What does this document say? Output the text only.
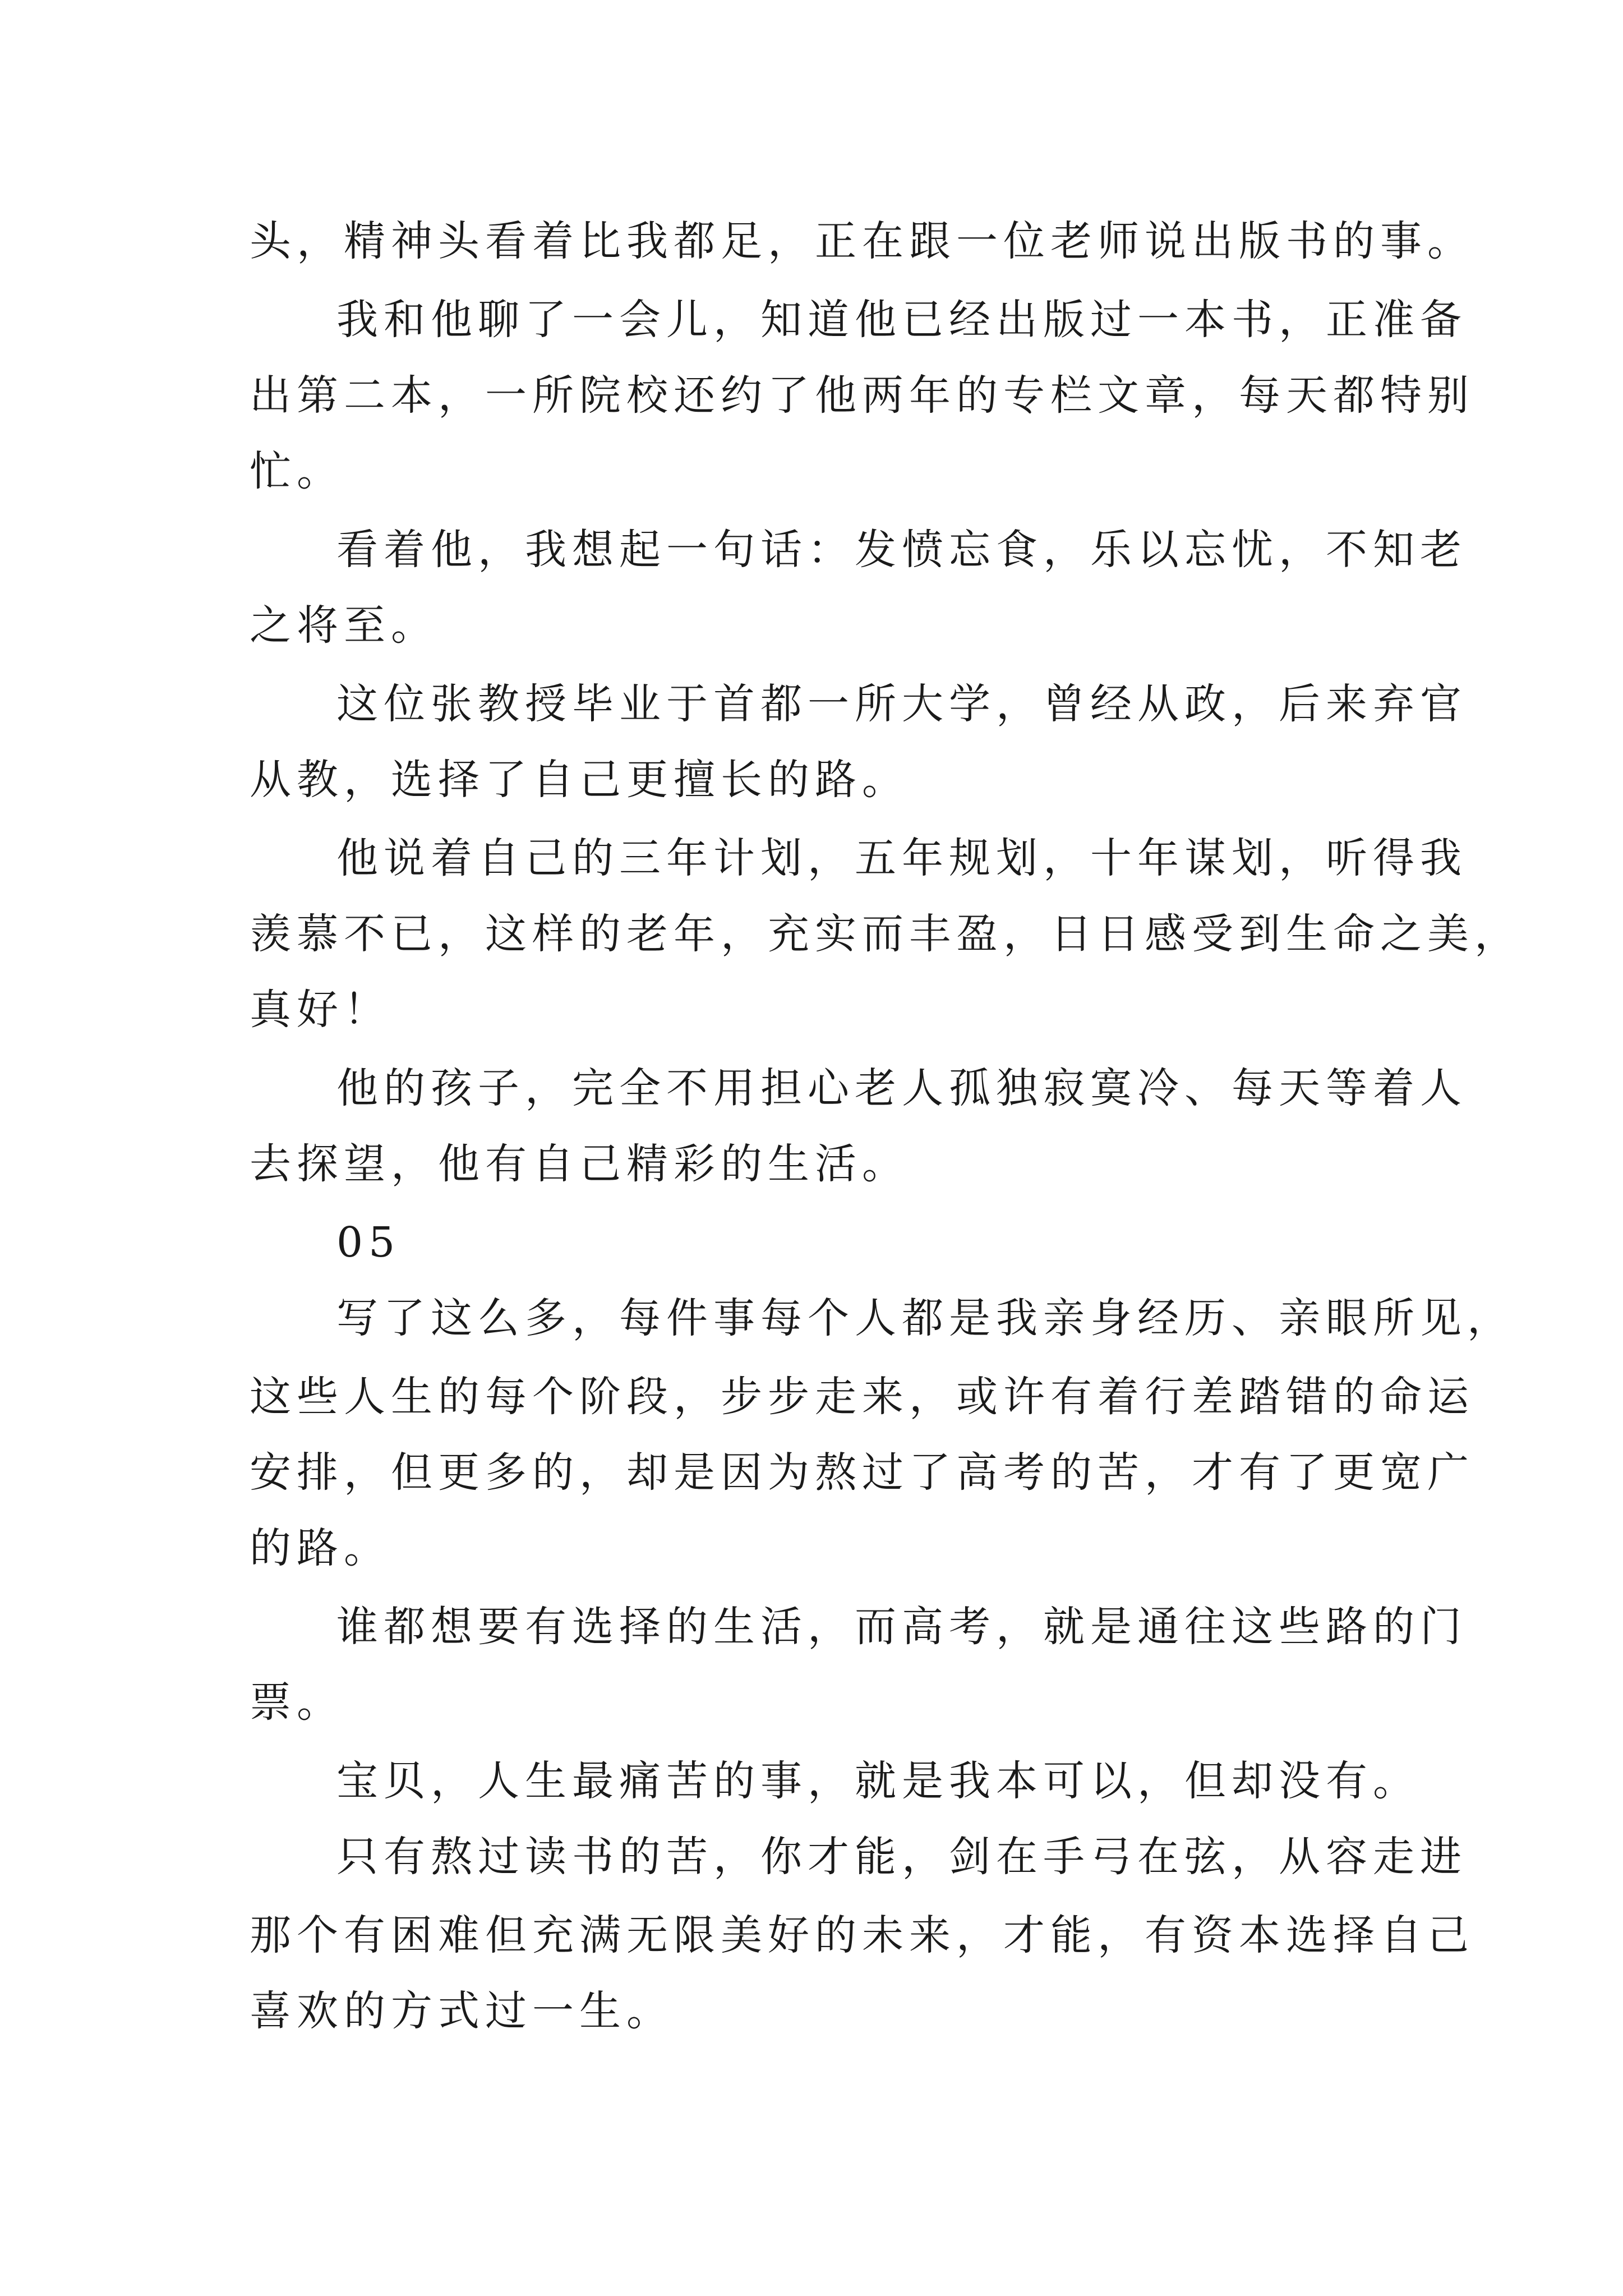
头，精神头看着比我都足，正在跟一位老师说出版书的事。

我和他聊了一会儿，知道他已经出版过一本书，正准备

出第二本，一所院校还约了他两年的专栏文章，每天都特别

忙。

看着他，我想起一句话：发愤忘食，乐以忘忧，不知老

之将至。

这位张教授毕业于首都一所大学，曾经从政，后来弃官

从教，选择了自己更擅长的路。

他说着自己的三年计划，五年规划，十年谋划，听得我

羡慕不已，这样的老年，充实而丰盈，日日感受到生命之美，

真好！

他的孩子，完全不用担心老人孤独寂寞冷、每天等着人

去探望，他有自己精彩的生活。

05

写了这么多，每件事每个人都是我亲身经历、亲眼所见，

这些人生的每个阶段，步步走来，或许有着行差踏错的命运

安排，但更多的，却是因为熬过了高考的苦，才有了更宽广

的路。

谁都想要有选择的生活，而高考，就是通往这些路的门

票。

宝贝，人生最痛苦的事，就是我本可以，但却没有。

只有熬过读书的苦，你才能，剑在手弓在弦，从容走进

那个有困难但充满无限美好的未来，才能，有资本选择自己

喜欢的方式过一生。
